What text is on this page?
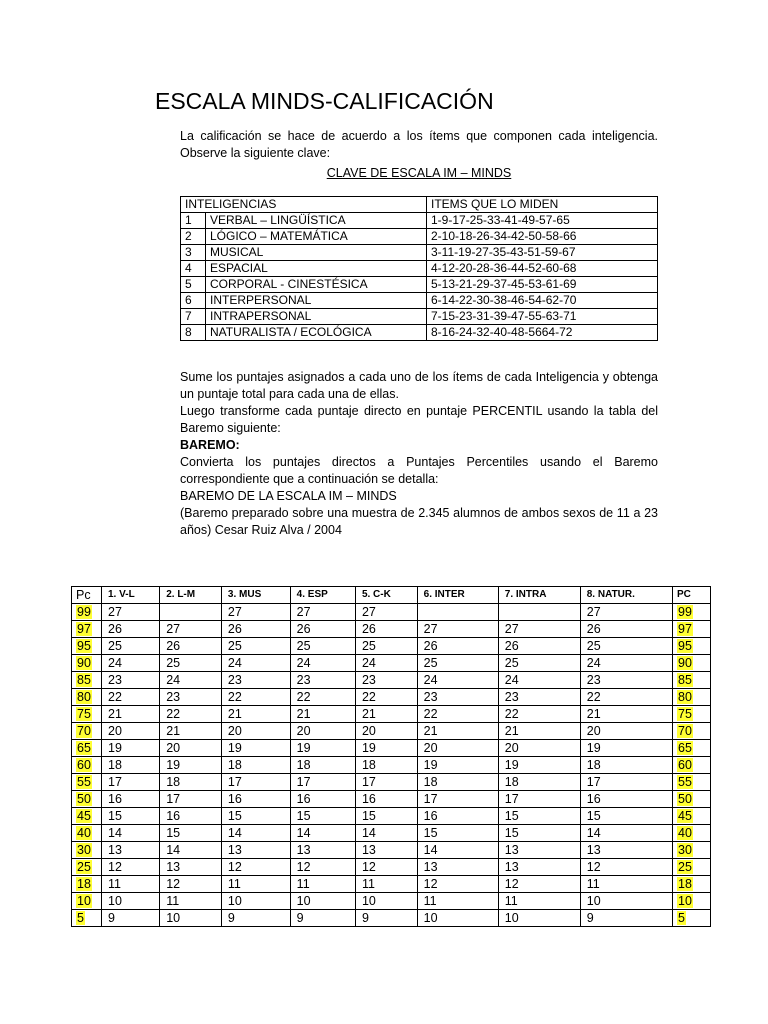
ESCALA MINDS-CALIFICACIÓN

La calificación se hace de acuerdo a los ítems que componen cada inteligencia. Observe la siguiente clave:

CLAVE DE ESCALA IM – MINDS
INTELIGENCIAS		ITEMS QUE LO MIDEN
1	VERBAL – LINGÜÍSTICA	1-9-17-25-33-41-49-57-65
2	LÓGICO – MATEMÁTICA	2-10-18-26-34-42-50-58-66
3	MUSICAL	3-11-19-27-35-43-51-59-67
4	ESPACIAL	4-12-20-28-36-44-52-60-68
5	CORPORAL - CINESTÉSICA	5-13-21-29-37-45-53-61-69
6	INTERPERSONAL	6-14-22-30-38-46-54-62-70
7	INTRAPERSONAL	7-15-23-31-39-47-55-63-71
8	NATURALISTA / ECOLÓGICA	8-16-24-32-40-48-5664-72
Sume los puntajes asignados a cada uno de los ítems de cada Inteligencia y obtenga un puntaje total para cada una de ellas.
Luego transforme cada puntaje directo en puntaje PERCENTIL usando la tabla del Baremo siguiente:
BAREMO:
Convierta los puntajes directos a Puntajes Percentiles usando el Baremo correspondiente que a continuación se detalla:
BAREMO DE LA ESCALA IM – MINDS
(Baremo preparado sobre una muestra de 2.345 alumnos de ambos sexos de 11 a 23 años) Cesar Ruiz Alva / 2004
Pc	1. V-L	2. L-M	3. MUS	4. ESP	5. C-K	6. INTER	7. INTRA	8. NATUR.	PC
99	27		27	27	27			27	99
97	26	27	26	26	26	27	27	26	97
95	25	26	25	25	25	26	26	25	95
90	24	25	24	24	24	25	25	24	90
85	23	24	23	23	23	24	24	23	85
80	22	23	22	22	22	23	23	22	80
75	21	22	21	21	21	22	22	21	75
70	20	21	20	20	20	21	21	20	70
65	19	20	19	19	19	20	20	19	65
60	18	19	18	18	18	19	19	18	60
55	17	18	17	17	17	18	18	17	55
50	16	17	16	16	16	17	17	16	50
45	15	16	15	15	15	16	15	15	45
40	14	15	14	14	14	15	15	14	40
30	13	14	13	13	13	14	13	13	30
25	12	13	12	12	12	13	13	12	25
18	11	12	11	11	11	12	12	11	18
10	10	11	10	10	10	11	11	10	10
5	9	10	9	9	9	10	10	9	5
